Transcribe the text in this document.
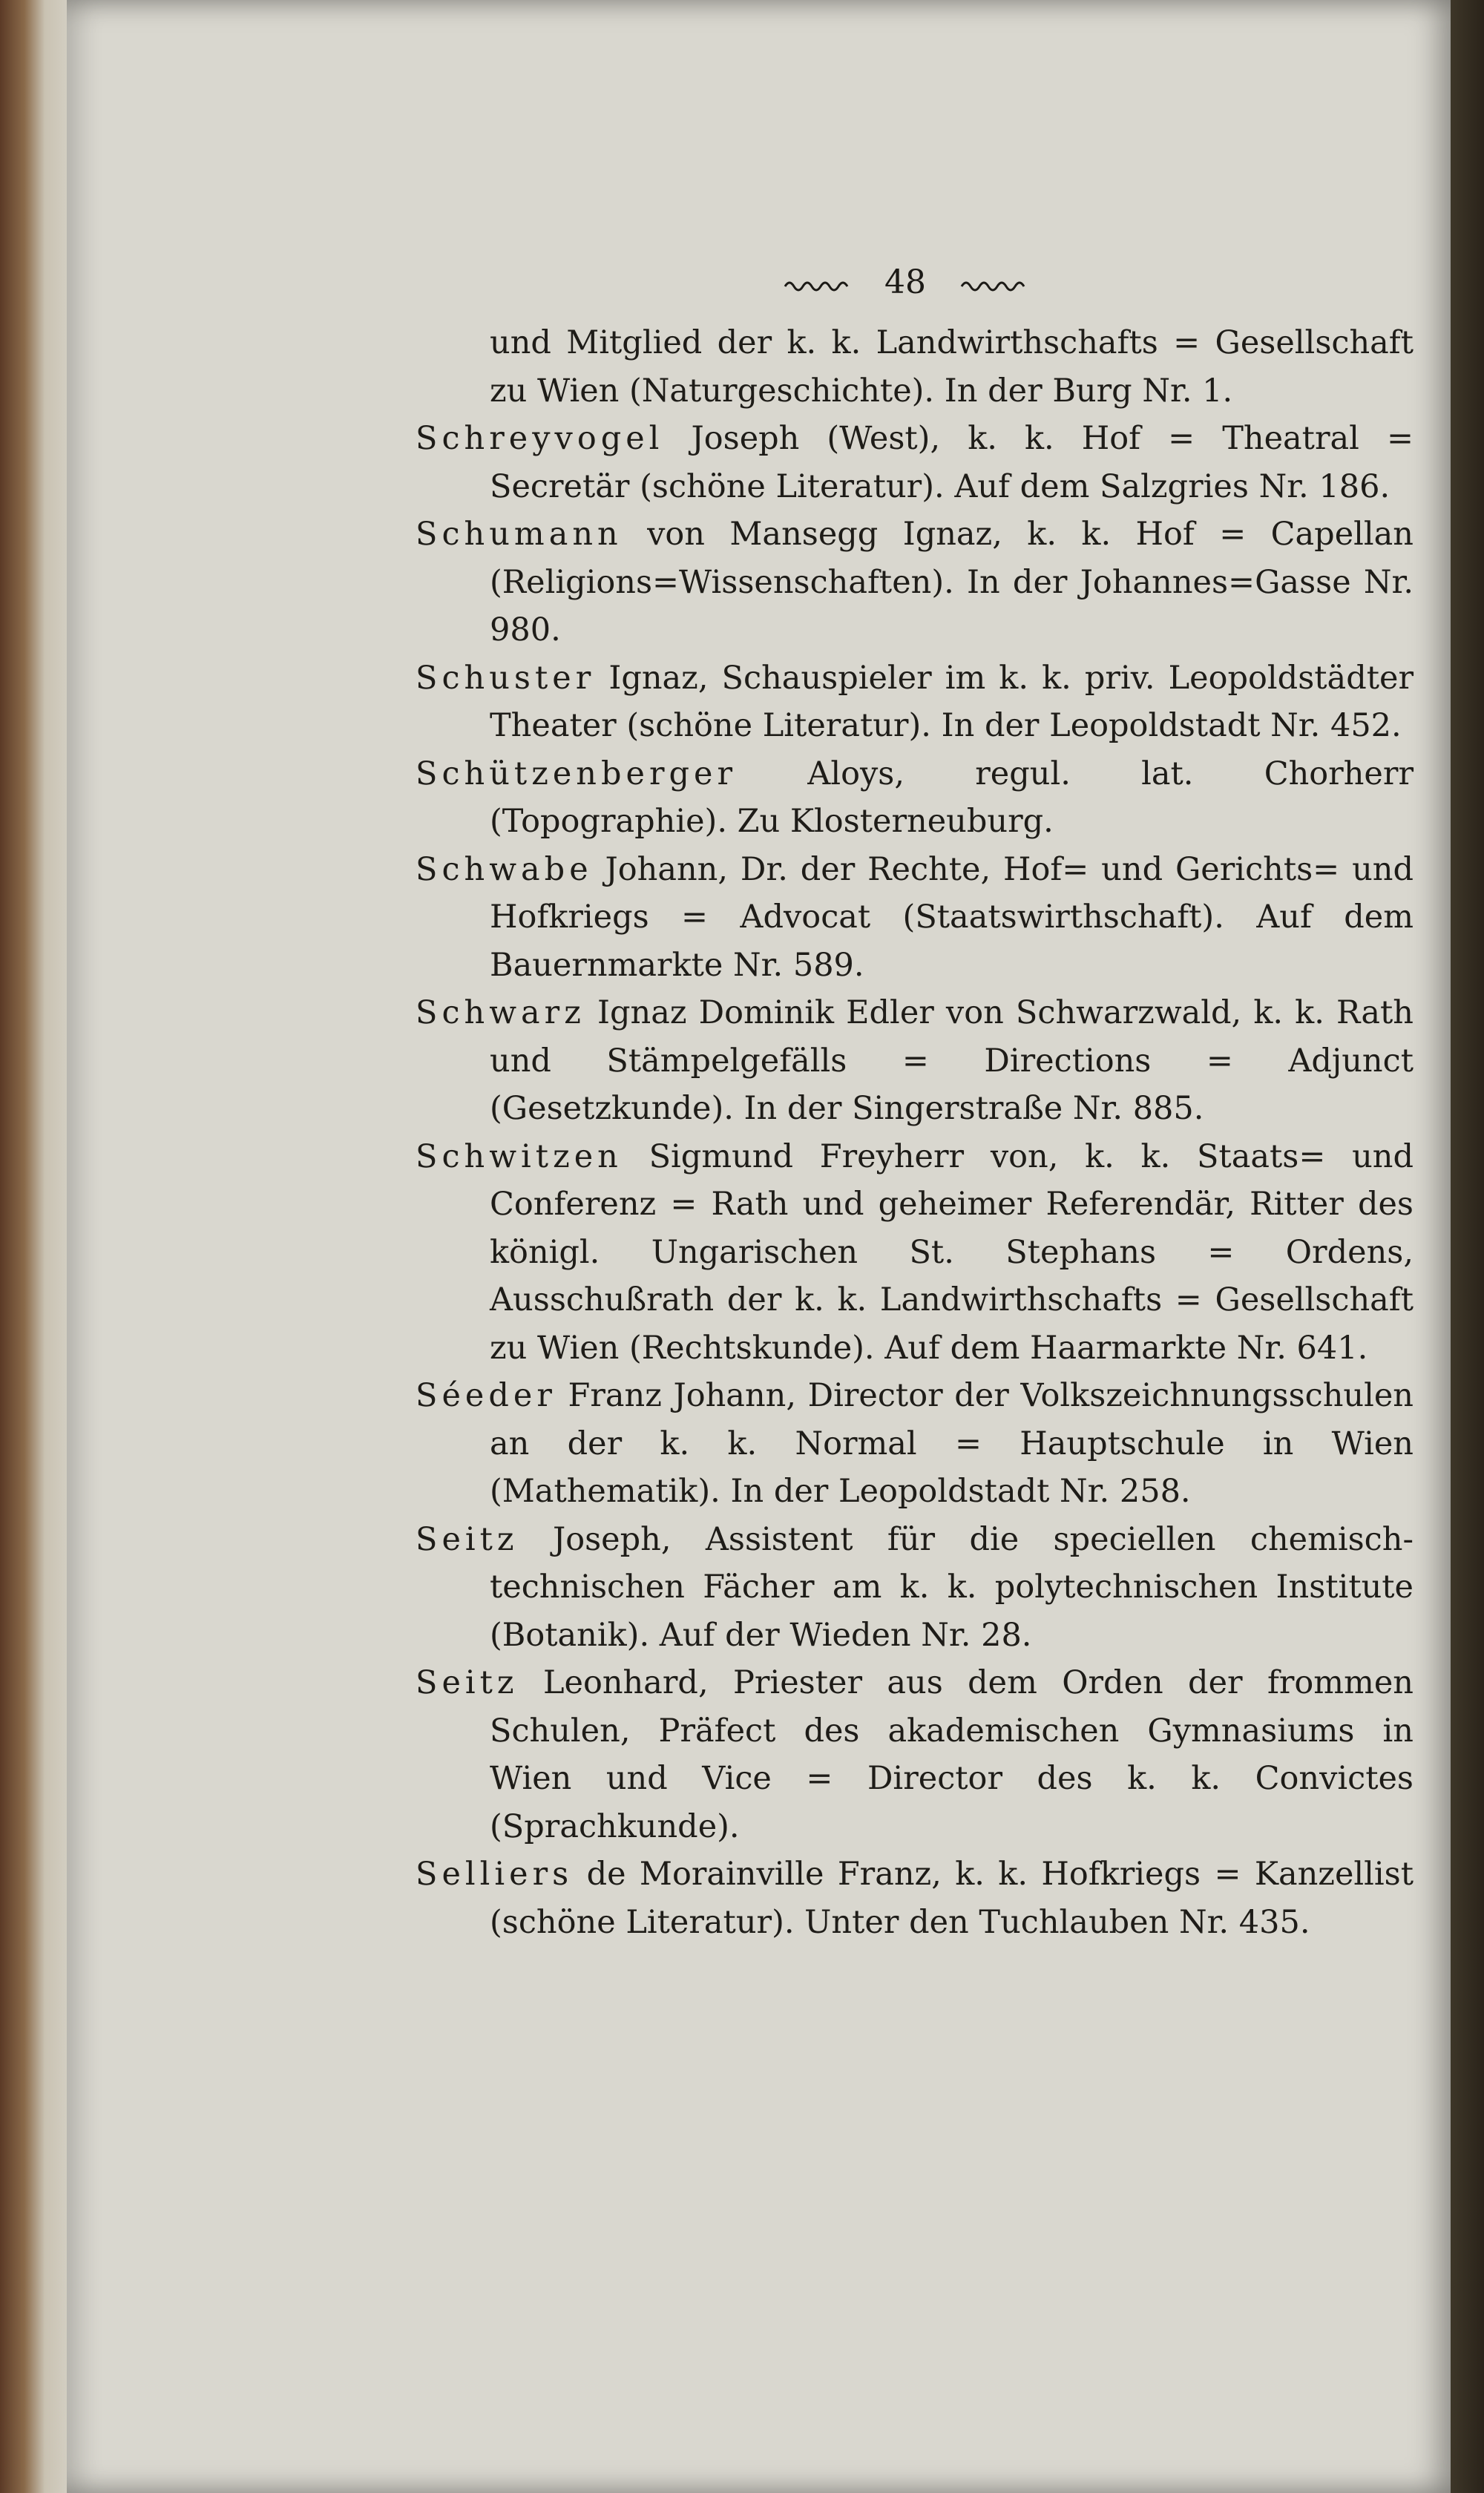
48
und Mitglied der k. k. Landwirthschafts = Gesellschaft zu Wien (Naturgeschichte). In der Burg Nr. 1.
Schreyvogel Joseph (West), k. k. Hof = Theatral = Secretär (schöne Literatur). Auf dem Salzgries Nr. 186.
Schumann von Mansegg Ignaz, k. k. Hof = Capellan (Religions=Wissenschaften). In der Johannes=Gasse Nr. 980.
Schuster Ignaz, Schauspieler im k. k. priv. Leopoldstädter Theater (schöne Literatur). In der Leopoldstadt Nr. 452.
Schützenberger Aloys, regul. lat. Chorherr (Topographie). Zu Klosterneuburg.
Schwabe Johann, Dr. der Rechte, Hof= und Gerichts= und Hofkriegs = Advocat (Staatswirthschaft). Auf dem Bauernmarkte Nr. 589.
Schwarz Ignaz Dominik Edler von Schwarzwald, k. k. Rath und Stämpelgefälls = Directions = Adjunct (Gesetzkunde). In der Singerstraße Nr. 885.
Schwitzen Sigmund Freyherr von, k. k. Staats= und Conferenz = Rath und geheimer Referendär, Ritter des königl. Ungarischen St. Stephans = Ordens, Ausschußrath der k. k. Landwirthschafts = Gesellschaft zu Wien (Rechtskunde). Auf dem Haarmarkte Nr. 641.
Séeder Franz Johann, Director der Volkszeichnungsschulen an der k. k. Normal = Hauptschule in Wien (Mathematik). In der Leopoldstadt Nr. 258.
Seitz Joseph, Assistent für die speciellen chemisch-technischen Fächer am k. k. polytechnischen Institute (Botanik). Auf der Wieden Nr. 28.
Seitz Leonhard, Priester aus dem Orden der frommen Schulen, Präfect des akademischen Gymnasiums in Wien und Vice = Director des k. k. Convictes (Sprachkunde).
Selliers de Morainville Franz, k. k. Hofkriegs = Kanzellist (schöne Literatur). Unter den Tuchlauben Nr. 435.
